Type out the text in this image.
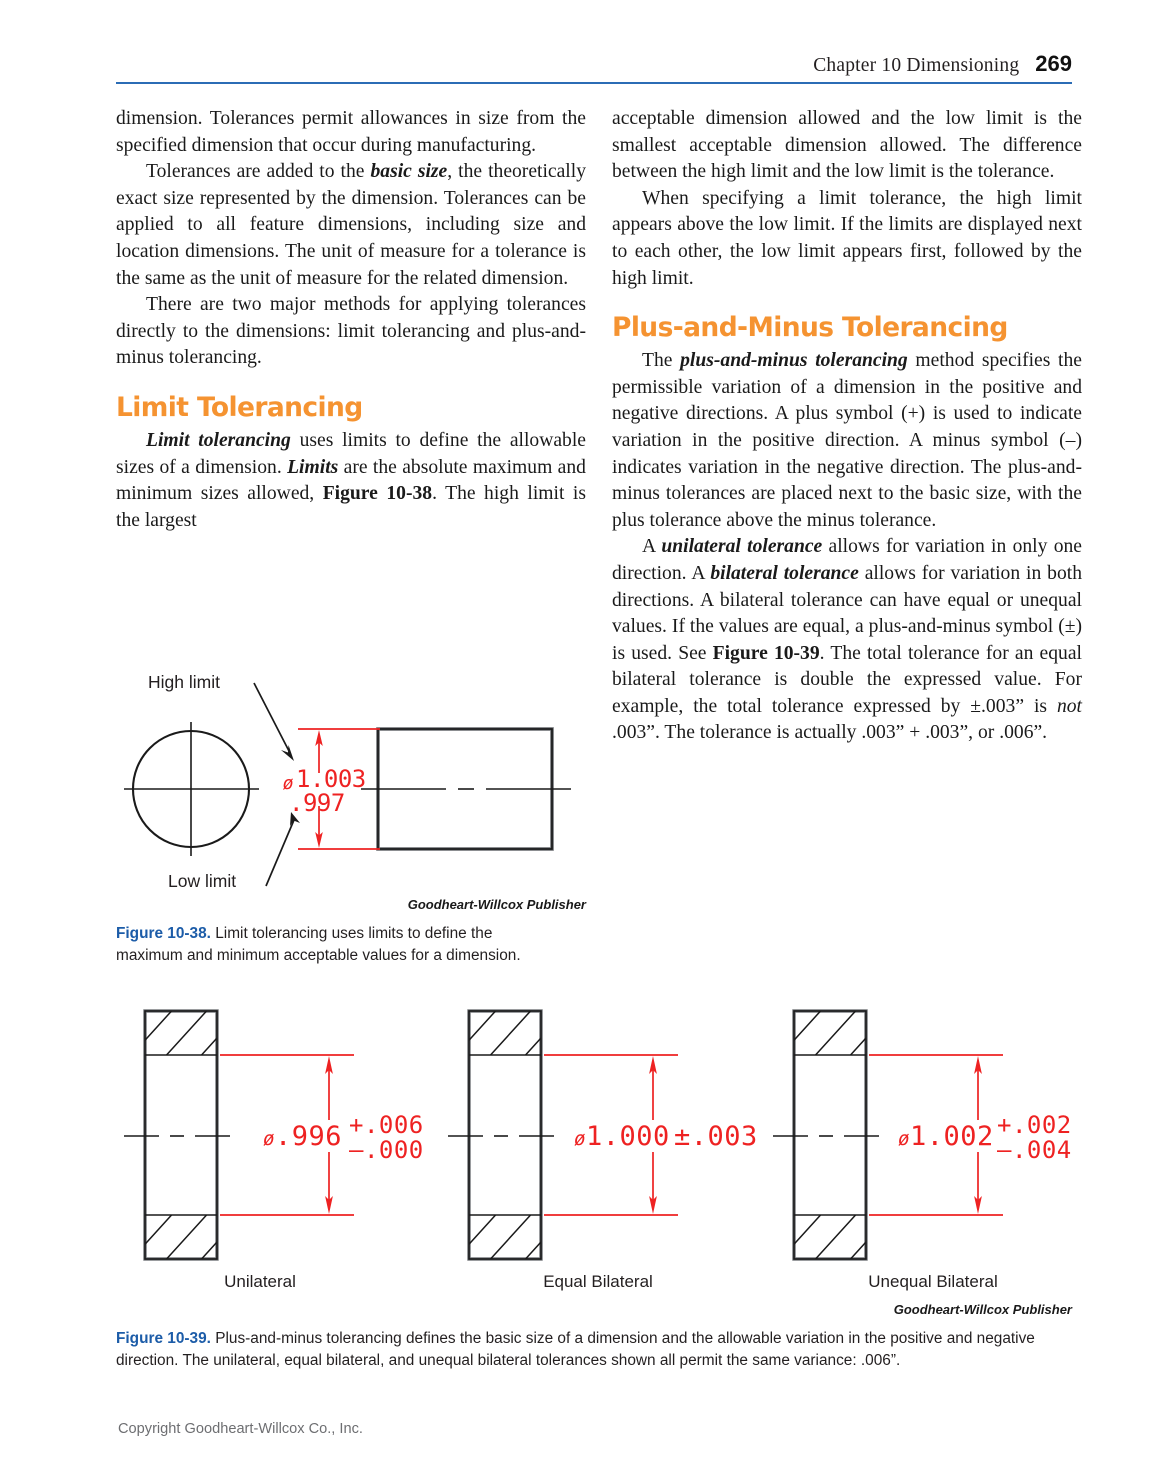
Chapter 10 Dimensioning 269

dimension. Tolerances permit allowances in size from the specified dimension that occur during manufacturing.

Tolerances are added to the basic size, the theoretically exact size represented by the dimension. Tolerances can be applied to all feature dimensions, including size and location dimensions. The unit of measure for a tolerance is the same as the unit of measure for the related dimension.

There are two major methods for applying tolerances directly to the dimensions: limit tolerancing and plus-and-minus tolerancing.

Limit Tolerancing

Limit tolerancing uses limits to define the allowable sizes of a dimension. Limits are the absolute maximum and minimum sizes allowed, Figure 10-38. The high limit is the largest

acceptable dimension allowed and the low limit is the smallest acceptable dimension allowed. The difference between the high limit and the low limit is the tolerance.

When specifying a limit tolerance, the high limit appears above the low limit. If the limits are displayed next to each other, the low limit appears first, followed by the high limit.

Plus-and-Minus Tolerancing

The plus-and-minus tolerancing method specifies the permissible variation of a dimension in the positive and negative directions. A plus symbol (+) is used to indicate variation in the positive direction. A minus symbol (–) indicates variation in the negative direction. The plus-and-minus tolerances are placed next to the basic size, with the plus tolerance above the minus tolerance.

A unilateral tolerance allows for variation in only one direction. A bilateral tolerance allows for variation in both directions. A bilateral tolerance can have equal or unequal values. If the values are equal, a plus-and-minus symbol (±) is used. See Figure 10-39. The total tolerance for an equal bilateral tolerance is double the expressed value. For example, the total tolerance expressed by ±.003” is not .003”. The tolerance is actually .003” + .003”, or .006”.

ø 1.003
.997
High limit
Low limit
Goodheart-Willcox Publisher
Figure 10-38. Limit tolerancing uses limits to define the maximum and minimum acceptable values for a dimension.
ø .996 +.006
–.000
Unilateral
ø 1.000 ±.003
Equal Bilateral
ø 1.002 +.002
–.004
Unequal Bilateral
Goodheart-Willcox Publisher
Figure 10-39. Plus-and-minus tolerancing defines the basic size of a dimension and the allowable variation in the positive and negative direction. The unilateral, equal bilateral, and unequal bilateral tolerances shown all permit the same variance: .006”.
Copyright Goodheart-Willcox Co., Inc.
